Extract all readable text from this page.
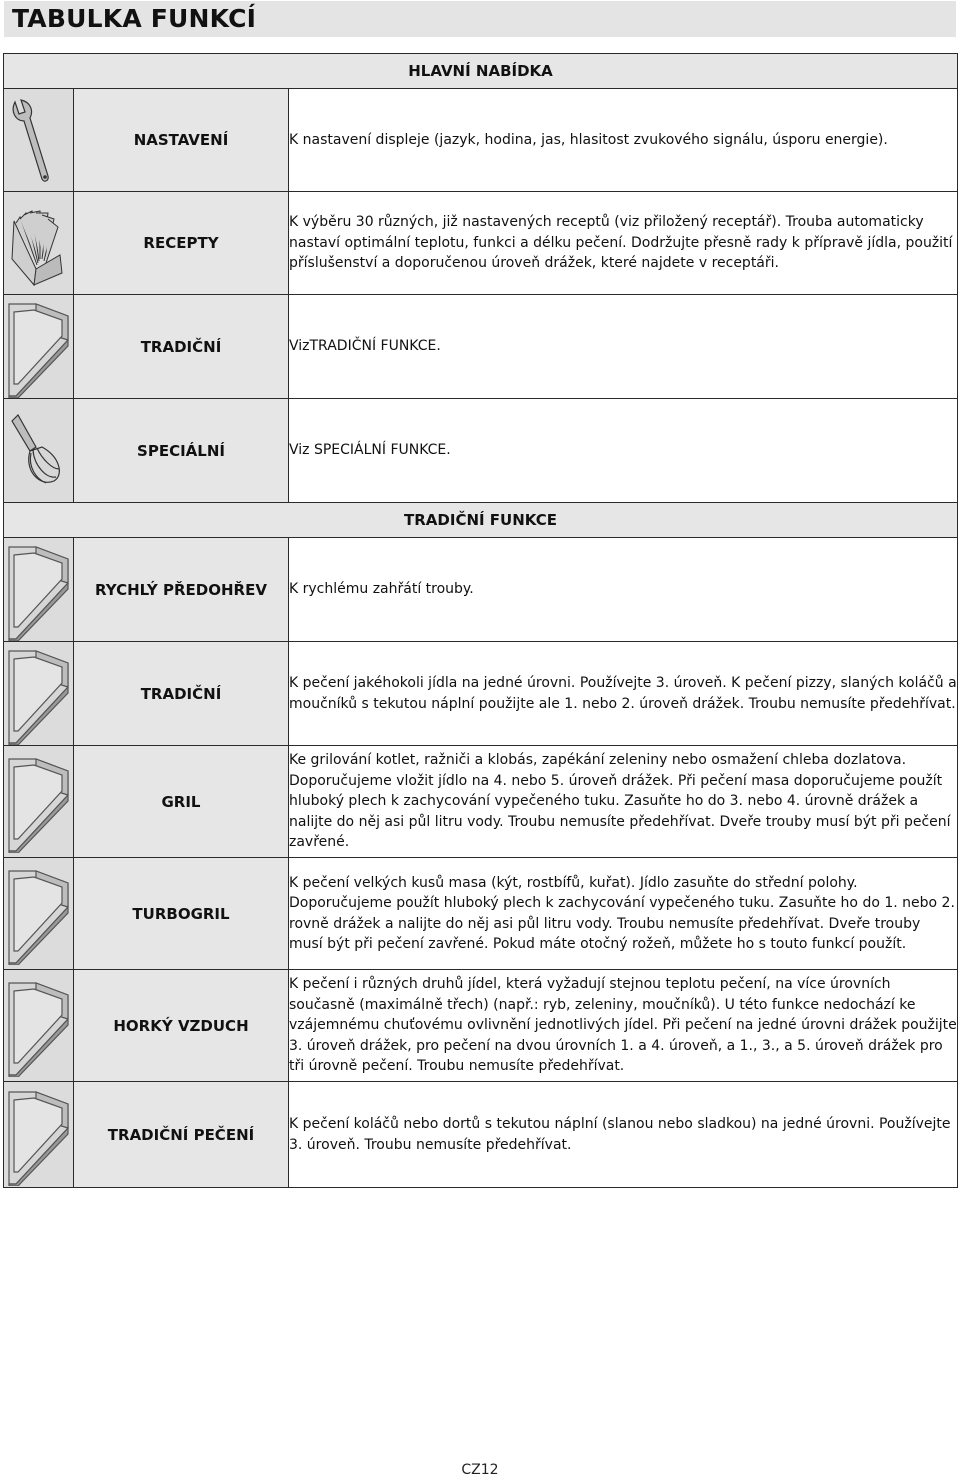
TABULKA FUNKCÍ
HLAVNÍ NABÍDKA		

	NASTAVENÍ	K nastavení displeje (jazyk, hodina, jas, hlasitost zvukového signálu, úsporu energie).

	RECEPTY	K výběru 30 různých, již nastavených receptů (viz přiložený receptář). Trouba automaticky nastaví optimální teplotu, funkci a délku pečení. Dodržujte přesně rady k přípravě jídla, použití příslušenství a doporučenou úroveň drážek, které najdete v receptáři.

	TRADIČNÍ	VizTRADIČNÍ FUNKCE.

	SPECIÁLNÍ	Viz SPECIÁLNÍ FUNKCE.
TRADIČNÍ FUNKCE		

	RYCHLÝ PŘEDOHŘEV	K rychlému zahřátí trouby.

	TRADIČNÍ	K pečení jakéhokoli jídla na jedné úrovni. Používejte 3. úroveň. K pečení pizzy, slaných koláčů a moučníků s tekutou náplní použijte ale 1. nebo 2. úroveň drážek. Troubu nemusíte předehřívat.

	GRIL	Ke grilování kotlet, ražniči a klobás, zapékání zeleniny nebo osmažení chleba dozlatova. Doporučujeme vložit jídlo na 4. nebo 5. úroveň drážek. Při pečení masa doporučujeme použít hluboký plech k zachycování vypečeného tuku. Zasuňte ho do 3. nebo 4. úrovně drážek a nalijte do něj asi půl litru vody. Troubu nemusíte předehřívat. Dveře trouby musí být při pečení zavřené.

	TURBOGRIL	K pečení velkých kusů masa (kýt, rostbífů, kuřat). Jídlo zasuňte do střední polohy. Doporučujeme použít hluboký plech k zachycování vypečeného tuku. Zasuňte ho do 1. nebo 2. rovně drážek a nalijte do něj asi půl litru vody. Troubu nemusíte předehřívat. Dveře trouby musí být při pečení zavřené. Pokud máte otočný rožeň, můžete ho s touto funkcí použít.

	HORKÝ VZDUCH	K pečení i různých druhů jídel, která vyžadují stejnou teplotu pečení, na více úrovních současně (maximálně třech) (např.: ryb, zeleniny, moučníků). U této funkce nedochází ke vzájemnému chuťovému ovlivnění jednotlivých jídel. Při pečení na jedné úrovni drážek použijte 3. úroveň drážek, pro pečení na dvou úrovních 1. a 4. úroveň, a 1., 3., a 5. úroveň drážek pro tři úrovně pečení. Troubu nemusíte předehřívat.

	TRADIČNÍ PEČENÍ	K pečení koláčů nebo dortů s tekutou náplní (slanou nebo sladkou) na jedné úrovni. Používejte 3. úroveň. Troubu nemusíte předehřívat.
CZ12
